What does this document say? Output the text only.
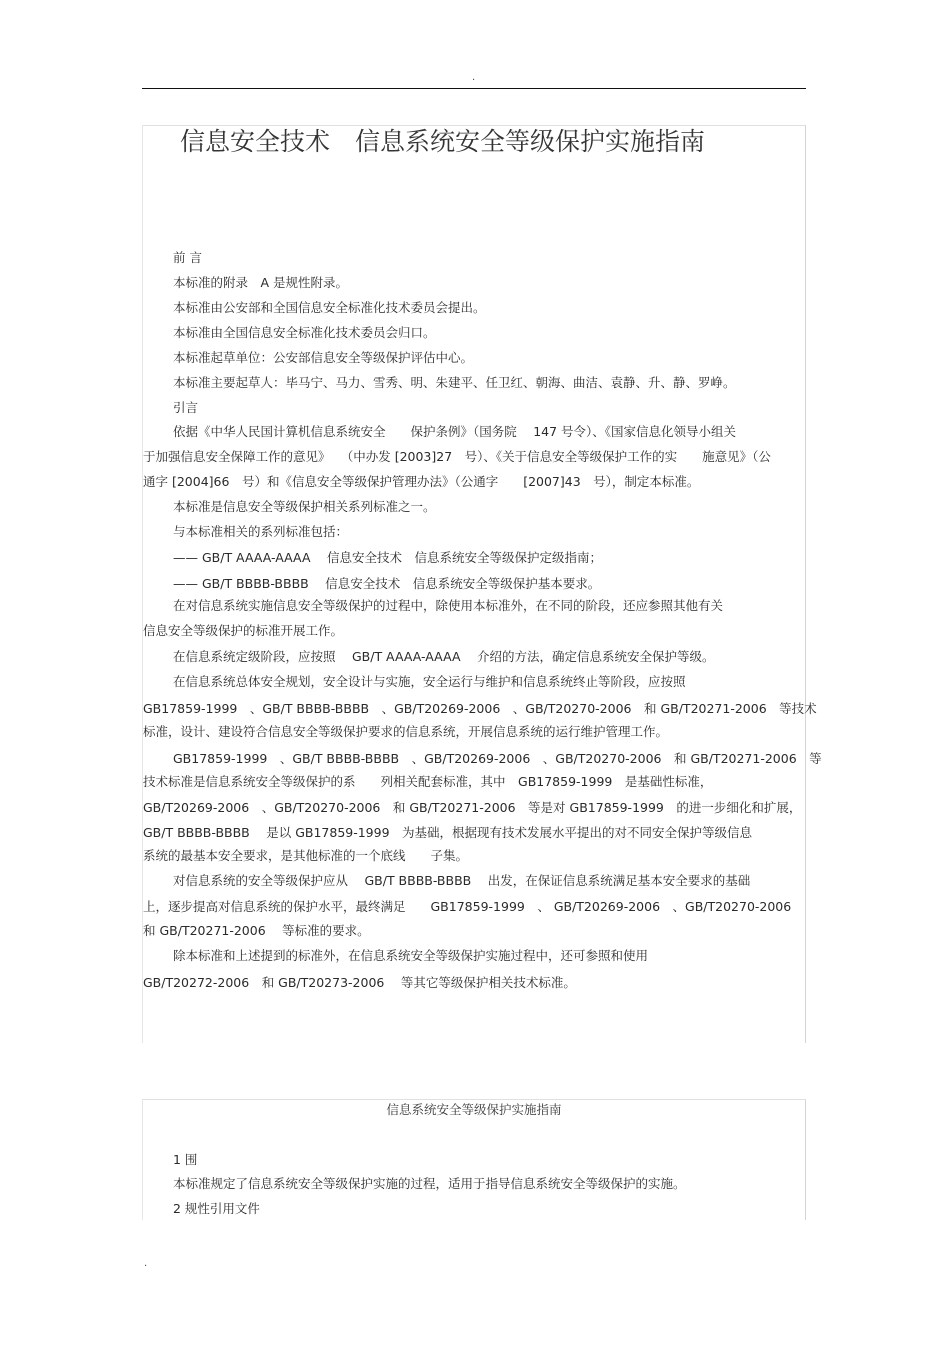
.
信息安全技术　信息系统安全等级保护实施指南
前 言
本标准的附录　A 是规性附录。
本标准由公安部和全国信息安全标准化技术委员会提出。
本标准由全国信息安全标准化技术委员会归口。
本标准起草单位：公安部信息安全等级保护评估中心。
本标准主要起草人：毕马宁、马力、雪秀、明、朱建平、任卫红、朝海、曲洁、袁静、升、静、罗峥。
引言
依据《中华人民国计算机信息系统安全　　保护条例》（国务院　 147 号令）、《国家信息化领导小组关
于加强信息安全保障工作的意见》　 （中办发 [2003]27　号）、《关于信息安全等级保护工作的实　　施意见》（公
通字 [2004]66　号）和《信息安全等级保护管理办法》（公通字　　[2007]43　号），制定本标准。
本标准是信息安全等级保护相关系列标准之一。
与本标准相关的系列标准包括：
—— GB/T AAAA-AAAA　 信息安全技术　信息系统安全等级保护定级指南；
—— GB/T BBBB-BBBB　 信息安全技术　信息系统安全等级保护基本要求。
在对信息系统实施信息安全等级保护的过程中，除使用本标准外，在不同的阶段，还应参照其他有关
信息安全等级保护的标准开展工作。
在信息系统定级阶段，应按照　 GB/T AAAA-AAAA　 介绍的方法，确定信息系统安全保护等级。
在信息系统总体安全规划，安全设计与实施，安全运行与维护和信息系统终止等阶段，应按照
GB17859-1999　、GB/T BBBB-BBBB　、GB/T20269-2006　、GB/T20270-2006　和 GB/T20271-2006　等技术
标准，设计、建设符合信息安全等级保护要求的信息系统，开展信息系统的运行维护管理工作。
GB17859-1999　、GB/T BBBB-BBBB　、GB/T20269-2006　、GB/T20270-2006　和 GB/T20271-2006　等
技术标准是信息系统安全等级保护的系　　列相关配套标准，其中　GB17859-1999　是基础性标准，
GB/T20269-2006　、GB/T20270-2006　和 GB/T20271-2006　等是对 GB17859-1999　的进一步细化和扩展，
GB/T BBBB-BBBB　 是以 GB17859-1999　为基础，根据现有技术发展水平提出的对不同安全保护等级信息
系统的最基本安全要求，是其他标准的一个底线　　子集。
对信息系统的安全等级保护应从　 GB/T BBBB-BBBB　 出发，在保证信息系统满足基本安全要求的基础
上，逐步提高对信息系统的保护水平，最终满足　　GB17859-1999　、 GB/T20269-2006　、GB/T20270-2006
和 GB/T20271-2006　 等标准的要求。
除本标准和上述提到的标准外，在信息系统安全等级保护实施过程中，还可参照和使用
GB/T20272-2006　和 GB/T20273-2006　 等其它等级保护相关技术标准。
信息系统安全等级保护实施指南
1 围
本标准规定了信息系统安全等级保护实施的过程，适用于指导信息系统安全等级保护的实施。
2 规性引用文件
.
